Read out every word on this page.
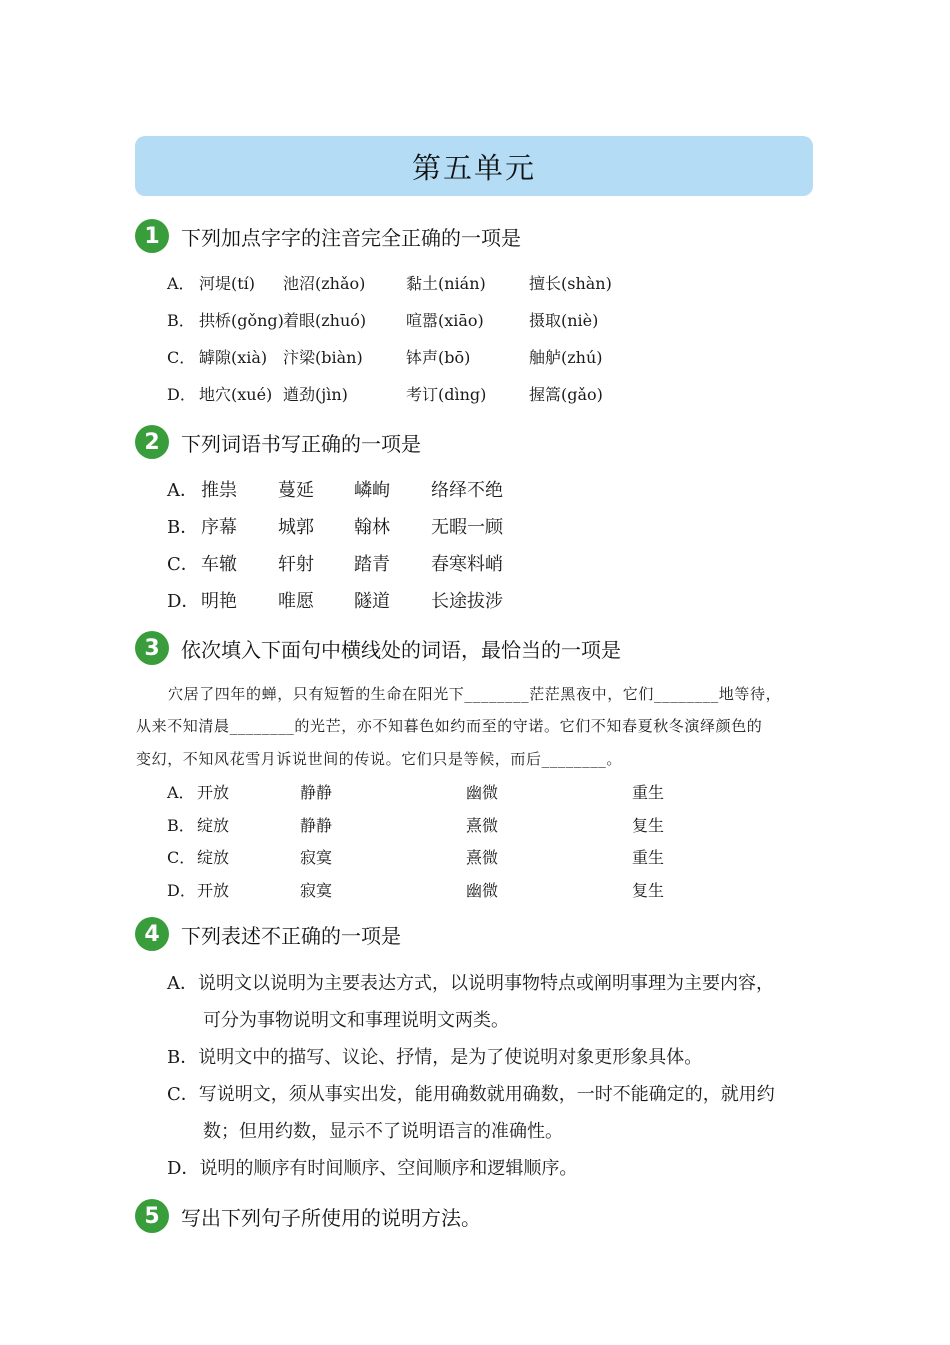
第五单元
1	下列加点字字的注音完全正确的一项是
A． 河堤(tí) 池沼(zhǎo)	黏土(nián)	擅长(shàn)
B． 拱桥(gǒng) 着眼(zhuó) 喧嚣(xiāo)	摄取(niè)
C． 罅隙(xià) 汴梁(biàn)	钵声(bō)	舳舻(zhú)
D． 地穴(xué) 遒劲(jìn)	考订(dìng)	握篙(gǎo)
2	下列词语书写正确的一项是
A． 推祟 蔓延 嶙峋 络绎不绝
B． 序幕 城郭 翰林 无暇一顾
C． 车辙 轩射 踏青 春寒料峭
D． 明艳 唯愿 隧道 长途拔涉
3	依次填入下面句中横线处的词语，最恰当的一项是
穴居了四年的蝉，只有短暂的生命在阳光下________茫茫黑夜中，它们________地等待，
从来不知清晨________的光芒，亦不知暮色如约而至的守诺。它们不知春夏秋冬演绎颜色的
变幻，不知风花雪月诉说世间的传说。它们只是等候，而后________。
A． 开放	静静	幽微	重生
B． 绽放	静静	熹微	复生
C． 绽放	寂寞	熹微	重生
D． 开放	寂寞	幽微	复生
4	下列表述不正确的一项是
A．说明文以说明为主要表达方式，以说明事物特点或阐明事理为主要内容，
可分为事物说明文和事理说明文两类。
B．说明文中的描写、议论、抒情，是为了使说明对象更形象具体。
C．写说明文，须从事实出发，能用确数就用确数，一时不能确定的，就用约
数；但用约数，显示不了说明语言的准确性。
D．说明的顺序有时间顺序、空间顺序和逻辑顺序。
5	写出下列句子所使用的说明方法。
